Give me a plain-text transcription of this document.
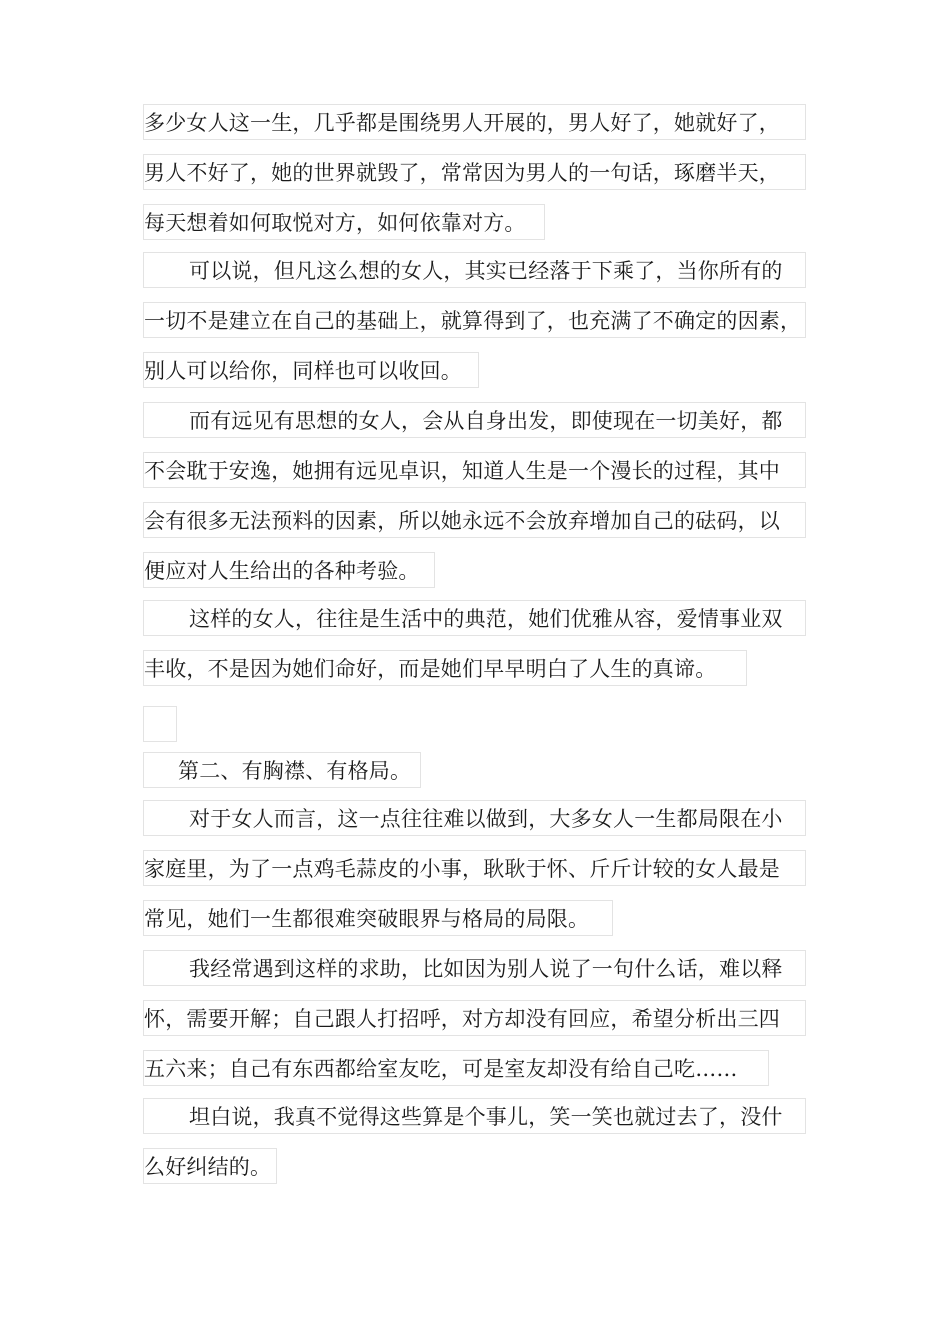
多少女人这一生，几乎都是围绕男人开展的，男人好了，她就好了，
男人不好了，她的世界就毁了，常常因为男人的一句话，琢磨半天，
每天想着如何取悦对方，如何依靠对方。
可以说，但凡这么想的女人，其实已经落于下乘了，当你所有的
一切不是建立在自己的基础上，就算得到了，也充满了不确定的因素，
别人可以给你，同样也可以收回。
而有远见有思想的女人，会从自身出发，即使现在一切美好，都
不会耽于安逸，她拥有远见卓识，知道人生是一个漫长的过程，其中
会有很多无法预料的因素，所以她永远不会放弃增加自己的砝码，以
便应对人生给出的各种考验。
这样的女人，往往是生活中的典范，她们优雅从容，爱情事业双
丰收，不是因为她们命好，而是她们早早明白了人生的真谛。
第二、有胸襟、有格局。
对于女人而言，这一点往往难以做到，大多女人一生都局限在小
家庭里，为了一点鸡毛蒜皮的小事，耿耿于怀、斤斤计较的女人最是
常见，她们一生都很难突破眼界与格局的局限。
我经常遇到这样的求助，比如因为别人说了一句什么话，难以释
怀，需要开解；自己跟人打招呼，对方却没有回应，希望分析出三四
五六来；自己有东西都给室友吃，可是室友却没有给自己吃……
坦白说，我真不觉得这些算是个事儿，笑一笑也就过去了，没什
么好纠结的。
